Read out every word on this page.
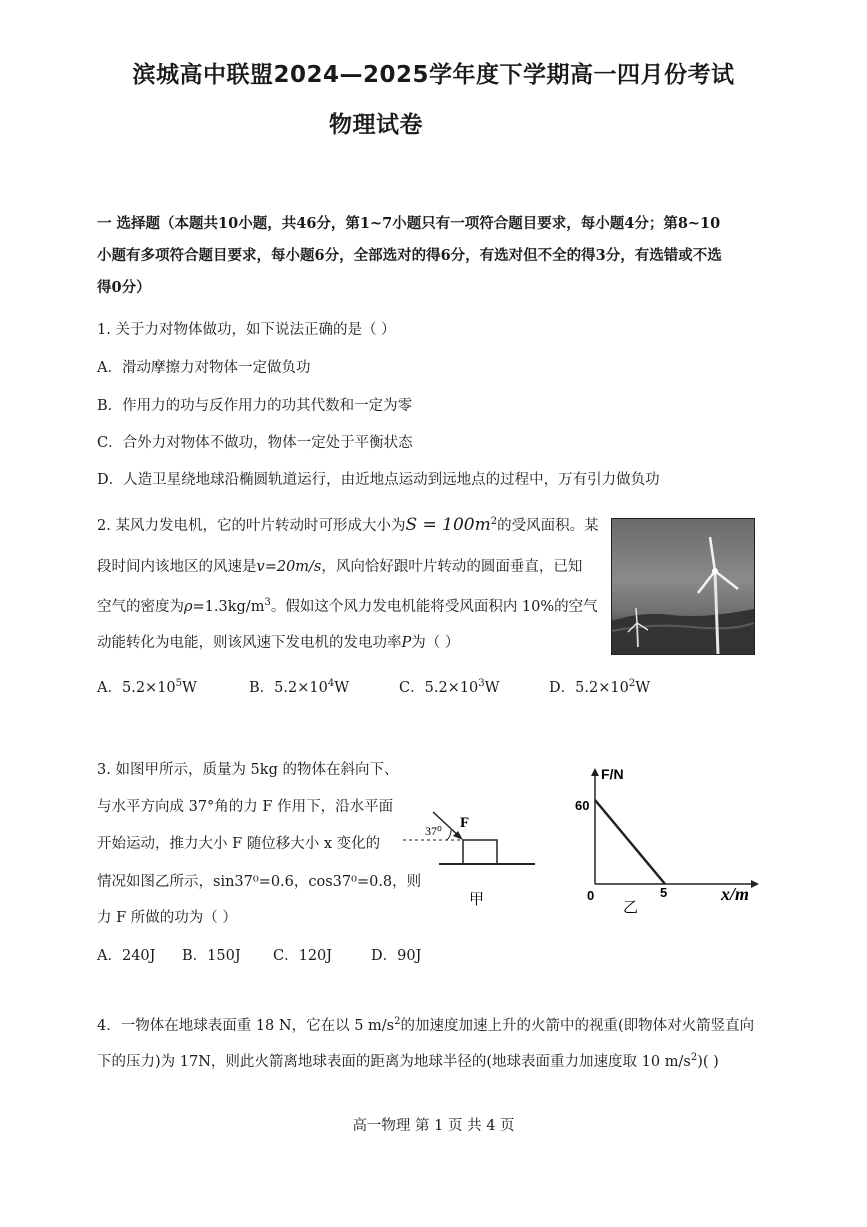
滨城高中联盟2024—2025学年度下学期高一四月份考试
物理试卷
一 选择题（本题共10小题，共46分，第1~7小题只有一项符合题目要求，每小题4分；第8~10
小题有多项符合题目要求，每小题6分，全部选对的得6分，有选对但不全的得3分，有选错或不选
得0分）
1. 关于力对物体做功，如下说法正确的是（ ）
A．滑动摩擦力对物体一定做负功
B．作用力的功与反作用力的功其代数和一定为零
C．合外力对物体不做功，物体一定处于平衡状态
D．人造卫星绕地球沿椭圆轨道运行，由近地点运动到远地点的过程中，万有引力做负功
2. 某风力发电机，它的叶片转动时可形成大小为$S = 100m^2$的受风面积。某
段时间内该地区的风速是v=20m/s，风向恰好跟叶片转动的圆面垂直，已知
空气的密度为$\rho=1.3kg/m^3$。假如这个风力发电机能将受风面积内 10%的空气
动能转化为电能，则该风速下发电机的发电功率P为（ ）
A．$5.2\times 10^5W$	B．$5.2\times 10^4W$	C．$5.2\times 10^3W$	D．$5.2\times 10^2W$
3. 如图甲所示，质量为 5kg 的物体在斜向下、
与水平方向成 37°角的力 F 作用下，沿水平面
开始运动，推力大小 F 随位移大小 x 变化的
情况如图乙所示，sin37⁰=0.6，cos37⁰=0.8，则
力 F 所做的功为（ ）
A．240J B．150J C．120J	D．90J
37⁰ F
甲
F/N
60
0	5	x/m
乙
4．一物体在地球表面重 18 N，它在以 5 $m/s^2$的加速度加速上升的火箭中的视重(即物体对火箭竖直向
下的压力)为 17N，则此火箭离地球表面的距离为地球半径的(地球表面重力加速度取 10 $m/s^2$)( )
高一物理 第 1 页 共 4 页
